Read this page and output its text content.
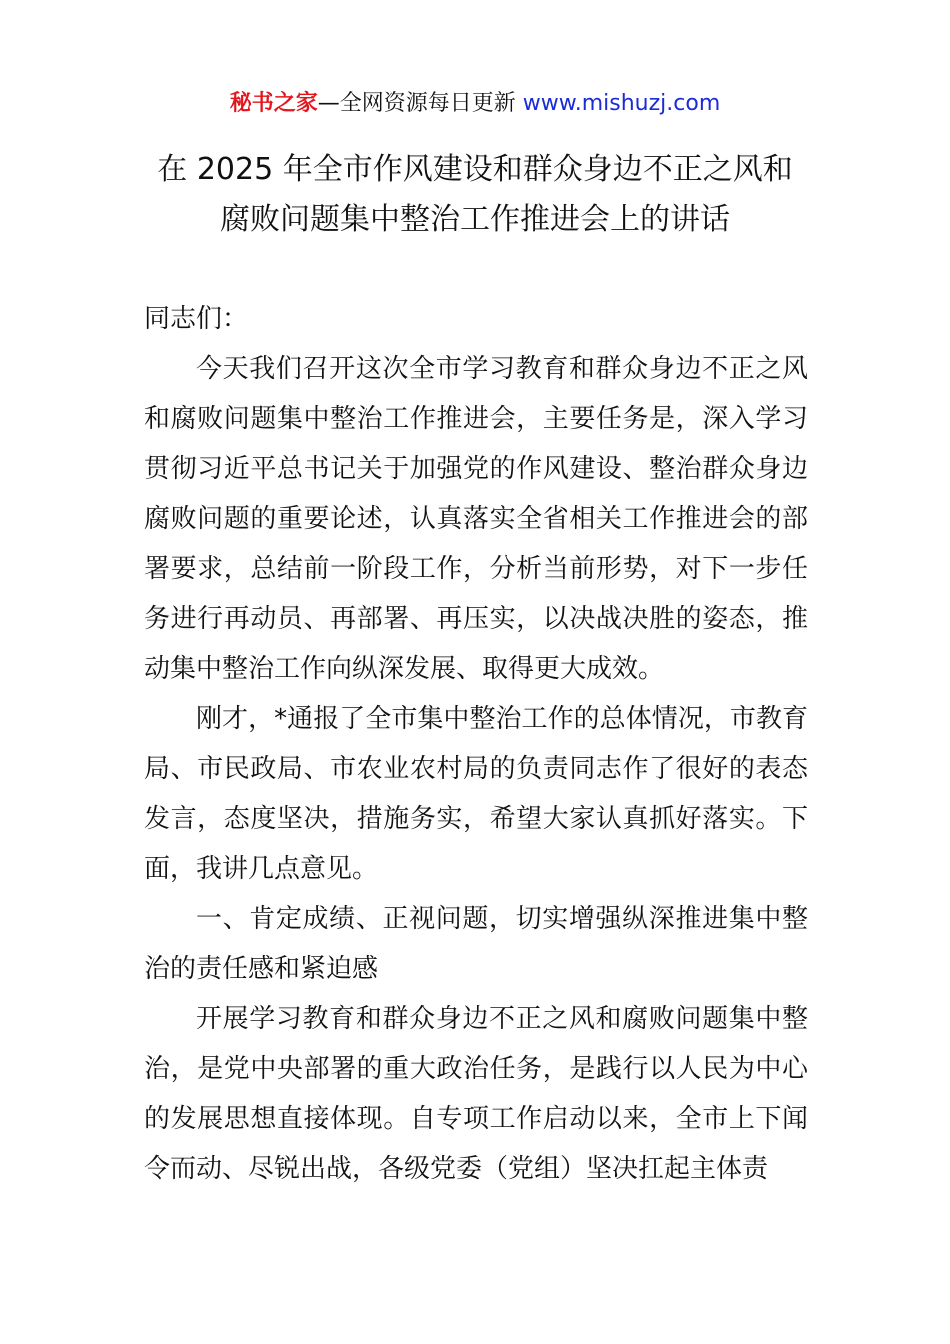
秘书之家—全网资源每日更新 www.mishuzj.com
在 2025 年全市作风建设和群众身边不正之风和
腐败问题集中整治工作推进会上的讲话

同志们：

今天我们召开这次全市学习教育和群众身边不正之风和腐败问题集中整治工作推进会，主要任务是，深入学习贯彻习近平总书记关于加强党的作风建设、整治群众身边腐败问题的重要论述，认真落实全省相关工作推进会的部署要求，总结前一阶段工作，分析当前形势，对下一步任务进行再动员、再部署、再压实，以决战决胜的姿态，推动集中整治工作向纵深发展、取得更大成效。

刚才，*通报了全市集中整治工作的总体情况，市教育局、市民政局、市农业农村局的负责同志作了很好的表态发言，态度坚决，措施务实，希望大家认真抓好落实。下面，我讲几点意见。

一、肯定成绩、正视问题，切实增强纵深推进集中整治的责任感和紧迫感

开展学习教育和群众身边不正之风和腐败问题集中整治，是党中央部署的重大政治任务，是践行以人民为中心的发展思想直接体现。自专项工作启动以来，全市上下闻令而动、尽锐出战，各级党委（党组）坚决扛起主体责
